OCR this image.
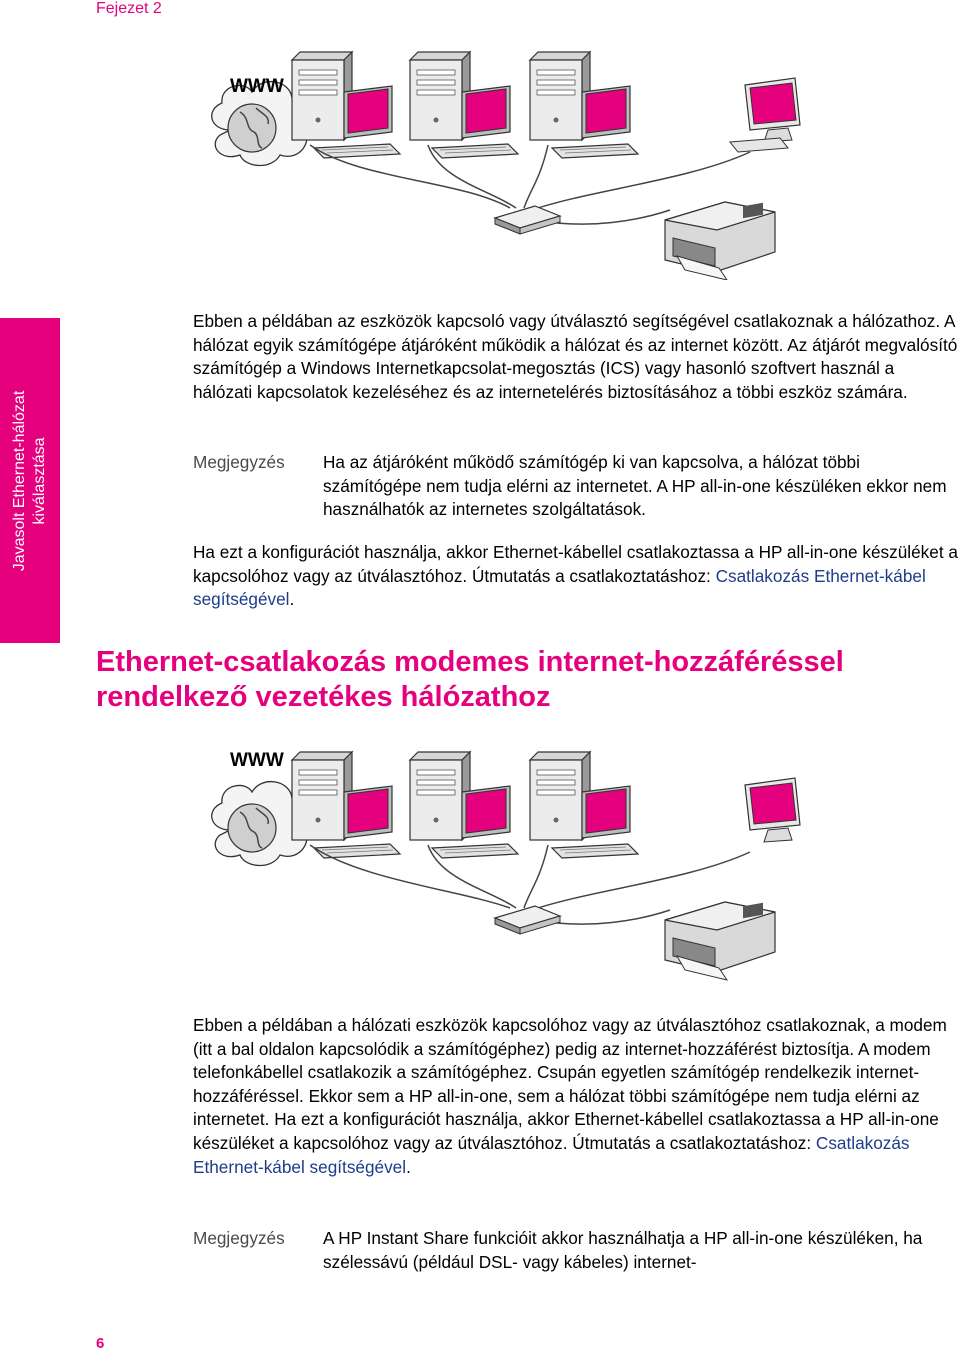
Fejezet 2
Javasolt Ethernet-hálózat kiválasztása
WWW
Ebben a példában az eszközök kapcsoló vagy útválasztó segítségével csatlakoznak a hálózathoz. A hálózat egyik számítógépe átjáróként működik a hálózat és az internet között. Az átjárót megvalósító számítógép a Windows Internetkapcsolat-megosztás (ICS) vagy hasonló szoftvert használ a hálózati kapcsolatok kezeléséhez és az internetelérés biztosításához a többi eszköz számára.
Megjegyzés Ha az átjáróként működő számítógép ki van kapcsolva, a hálózat többi számítógépe nem tudja elérni az internetet. A HP all-in-one készüléken ekkor nem használhatók az internetes szolgáltatások.
Ha ezt a konfigurációt használja, akkor Ethernet-kábellel csatlakoztassa a HP all-in-one készüléket a kapcsolóhoz vagy az útválasztóhoz. Útmutatás a csatlakoztatáshoz: Csatlakozás Ethernet-kábel segítségével.
Ethernet-csatlakozás modemes internet-hozzáféréssel rendelkező vezetékes hálózathoz
WWW
Ebben a példában a hálózati eszközök kapcsolóhoz vagy az útválasztóhoz csatlakoznak, a modem (itt a bal oldalon kapcsolódik a számítógéphez) pedig az internet-hozzáférést biztosítja. A modem telefonkábellel csatlakozik a számítógéphez. Csupán egyetlen számítógép rendelkezik internet-hozzáféréssel. Ekkor sem a HP all-in-one, sem a hálózat többi számítógépe nem tudja elérni az internetet. Ha ezt a konfigurációt használja, akkor Ethernet-kábellel csatlakoztassa a HP all-in-one készüléket a kapcsolóhoz vagy az útválasztóhoz. Útmutatás a csatlakoztatáshoz: Csatlakozás Ethernet-kábel segítségével.
Megjegyzés A HP Instant Share funkcióit akkor használhatja a HP all-in-one készüléken, ha szélessávú (például DSL- vagy kábeles) internet-
6
